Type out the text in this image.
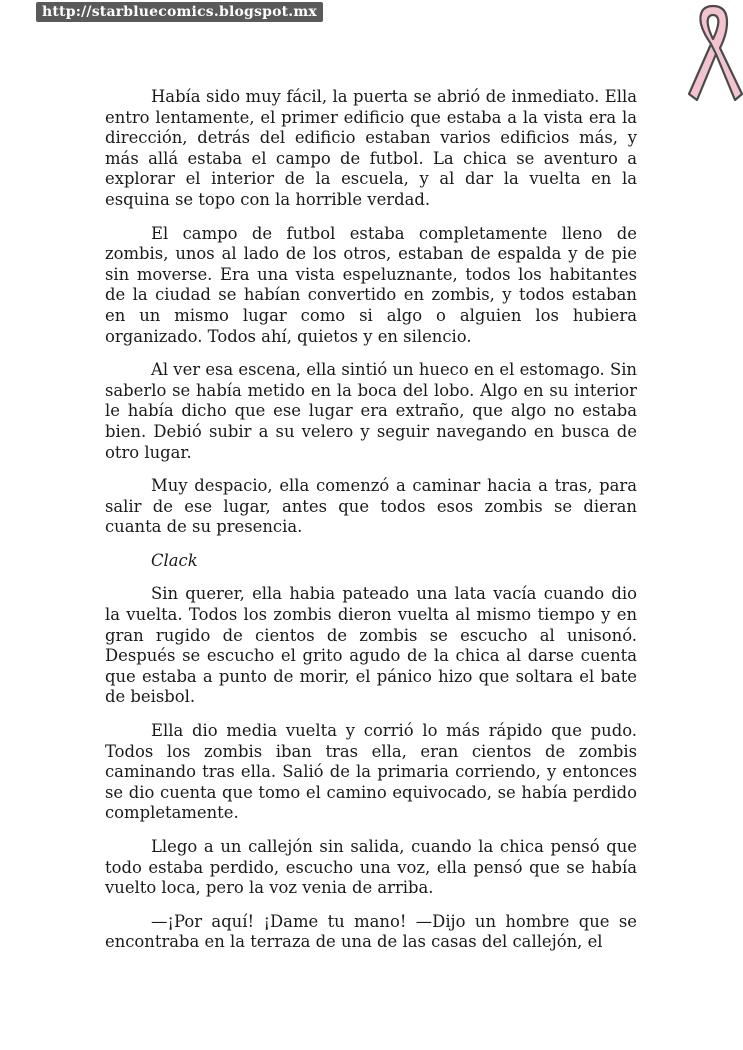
http://starbluecomics.blogspot.mx

Había sido muy fácil, la puerta se abrió de inmediato. Ella entro lentamente, el primer edificio que estaba a la vista era la dirección, detrás del edificio estaban varios edificios más, y más allá estaba el campo de futbol. La chica se aventuro a explorar el interior de la escuela, y al dar la vuelta en la esquina se topo con la horrible verdad.

El campo de futbol estaba completamente lleno de zombis, unos al lado de los otros, estaban de espalda y de pie sin moverse. Era una vista espeluznante, todos los habitantes de la ciudad se habían convertido en zombis, y todos estaban en un mismo lugar como si algo o alguien los hubiera organizado. Todos ahí, quietos y en silencio.

Al ver esa escena, ella sintió un hueco en el estomago. Sin saberlo se había metido en la boca del lobo. Algo en su interior le había dicho que ese lugar era extraño, que algo no estaba bien. Debió subir a su velero y seguir navegando en busca de otro lugar.

Muy despacio, ella comenzó a caminar hacia a tras, para salir de ese lugar, antes que todos esos zombis se dieran cuanta de su presencia.

Clack

Sin querer, ella habia pateado una lata vacía cuando dio la vuelta. Todos los zombis dieron vuelta al mismo tiempo y en gran rugido de cientos de zombis se escucho al unisonó. Después se escucho el grito agudo de la chica al darse cuenta que estaba a punto de morir, el pánico hizo que soltara el bate de beisbol.

Ella dio media vuelta y corrió lo más rápido que pudo. Todos los zombis iban tras ella, eran cientos de zombis caminando tras ella. Salió de la primaria corriendo, y entonces se dio cuenta que tomo el camino equivocado, se había perdido completamente.

Llego a un callejón sin salida, cuando la chica pensó que todo estaba perdido, escucho una voz, ella pensó que se había vuelto loca, pero la voz venia de arriba.

—¡Por aquí! ¡Dame tu mano! —Dijo un hombre que se encontraba en la terraza de una de las casas del callejón, el
